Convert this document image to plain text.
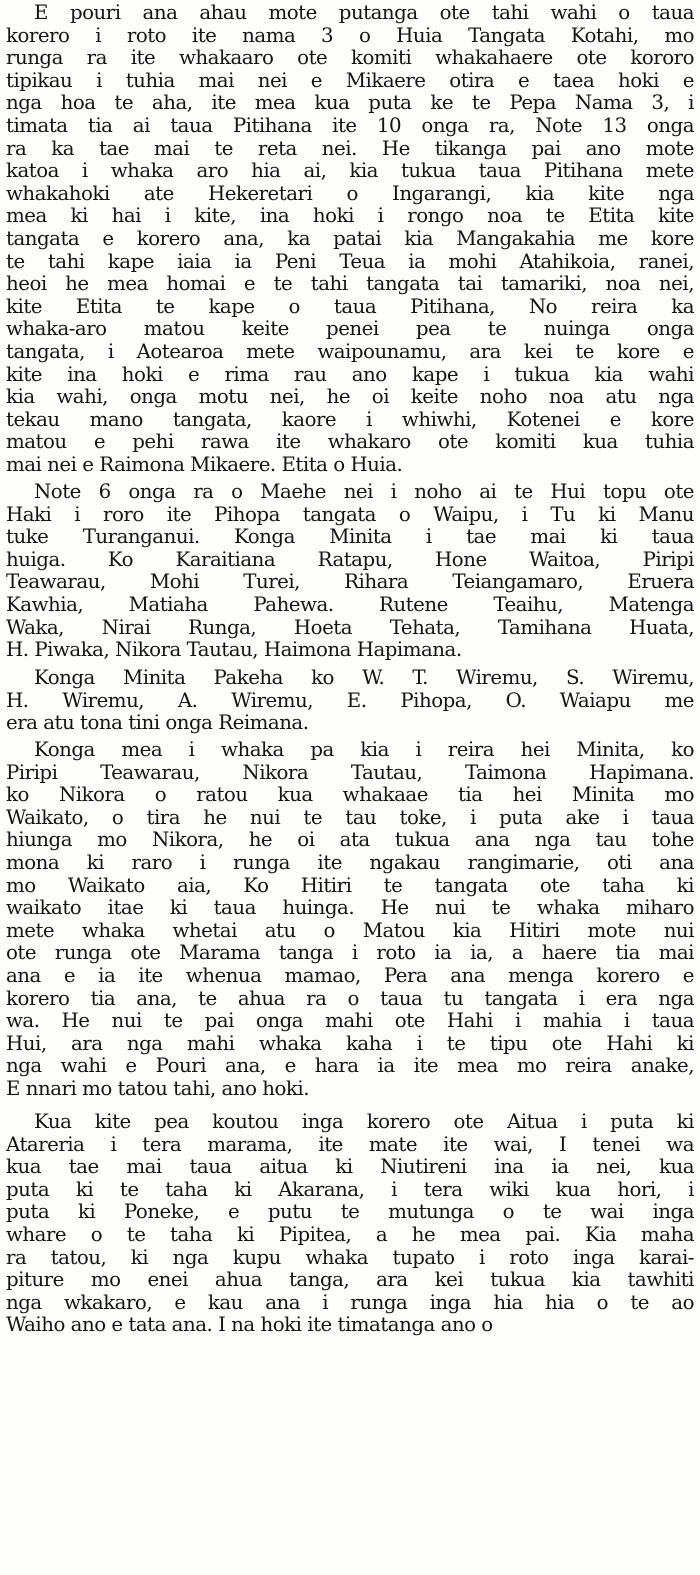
E pouri ana ahau mote putanga ote tahi wahi o taua
korero i roto ite nama 3 o Huia Tangata Kotahi, mo
runga ra ite whakaaro ote komiti whakahaere ote kororo
tipikau i tuhia mai nei e Mikaere otira e taea hoki e
nga hoa te aha, ite mea kua puta ke te Pepa Nama 3, i
timata tia ai taua Pitihana ite 10 onga ra, Note 13 onga
ra ka tae mai te reta nei. He tikanga pai ano mote
katoa i whaka aro hia ai, kia tukua taua Pitihana mete
whakahoki ate Hekeretari o Ingarangi, kia kite nga
mea ki hai i kite, ina hoki i rongo noa te Etita kite
tangata e korero ana, ka patai kia Mangakahia me kore
te tahi kape iaia ia Peni Teua ia mohi Atahikoia, ranei,
heoi he mea homai e te tahi tangata tai tamariki, noa nei,
kite Etita te kape o taua Pitihana, No reira ka
whaka-aro matou keite penei pea te nuinga onga
tangata, i Aotearoa mete waipounamu, ara kei te kore e
kite ina hoki e rima rau ano kape i tukua kia wahi
kia wahi, onga motu nei, he oi keite noho noa atu nga
tekau mano tangata, kaore i whiwhi, Kotenei e kore
matou e pehi rawa ite whakaro ote komiti kua tuhia
mai nei e Raimona Mikaere. Etita o Huia.
Note 6 onga ra o Maehe nei i noho ai te Hui topu ote
Haki i roro ite Pihopa tangata o Waipu, i Tu ki Manu
tuke Turanganui. Konga Minita i tae mai ki taua
huiga. Ko Karaitiana Ratapu, Hone Waitoa, Piripi
Teawarau, Mohi Turei, Rihara Teiangamaro, Eruera
Kawhia, Matiaha Pahewa. Rutene Teaihu, Matenga
Waka, Nirai Runga, Hoeta Tehata, Tamihana Huata,
H. Piwaka, Nikora Tautau, Haimona Hapimana.
Konga Minita Pakeha ko W. T. Wiremu, S. Wiremu,
H. Wiremu, A. Wiremu, E. Pihopa, O. Waiapu me
era atu tona tini onga Reimana.
Konga mea i whaka pa kia i reira hei Minita, ko
Piripi Teawarau, Nikora Tautau, Taimona Hapimana.
ko Nikora o ratou kua whakaae tia hei Minita mo
Waikato, o tira he nui te tau toke, i puta ake i taua
hiunga mo Nikora, he oi ata tukua ana nga tau tohe
mona ki raro i runga ite ngakau rangimarie, oti ana
mo Waikato aia, Ko Hitiri te tangata ote taha ki
waikato itae ki taua huinga. He nui te whaka miharo
mete whaka whetai atu o Matou kia Hitiri mote nui
ote runga ote Marama tanga i roto ia ia, a haere tia mai
ana e ia ite whenua mamao, Pera ana menga korero e
korero tia ana, te ahua ra o taua tu tangata i era nga
wa. He nui te pai onga mahi ote Hahi i mahia i taua
Hui, ara nga mahi whaka kaha i te tipu ote Hahi ki
nga wahi e Pouri ana, e hara ia ite mea mo reira anake,
E nnari mo tatou tahi, ano hoki.
Kua kite pea koutou inga korero ote Aitua i puta ki
Atareria i tera marama, ite mate ite wai, I tenei wa
kua tae mai taua aitua ki Niutireni ina ia nei, kua
puta ki te taha ki Akarana, i tera wiki kua hori, i
puta ki Poneke, e putu te mutunga o te wai inga
whare o te taha ki Pipitea, a he mea pai. Kia maha
ra tatou, ki nga kupu whaka tupato i roto inga karai-
piture mo enei ahua tanga, ara kei tukua kia tawhiti
nga wkakaro, e kau ana i runga inga hia hia o te ao
Waiho ano e tata ana. I na hoki ite timatanga ano o
